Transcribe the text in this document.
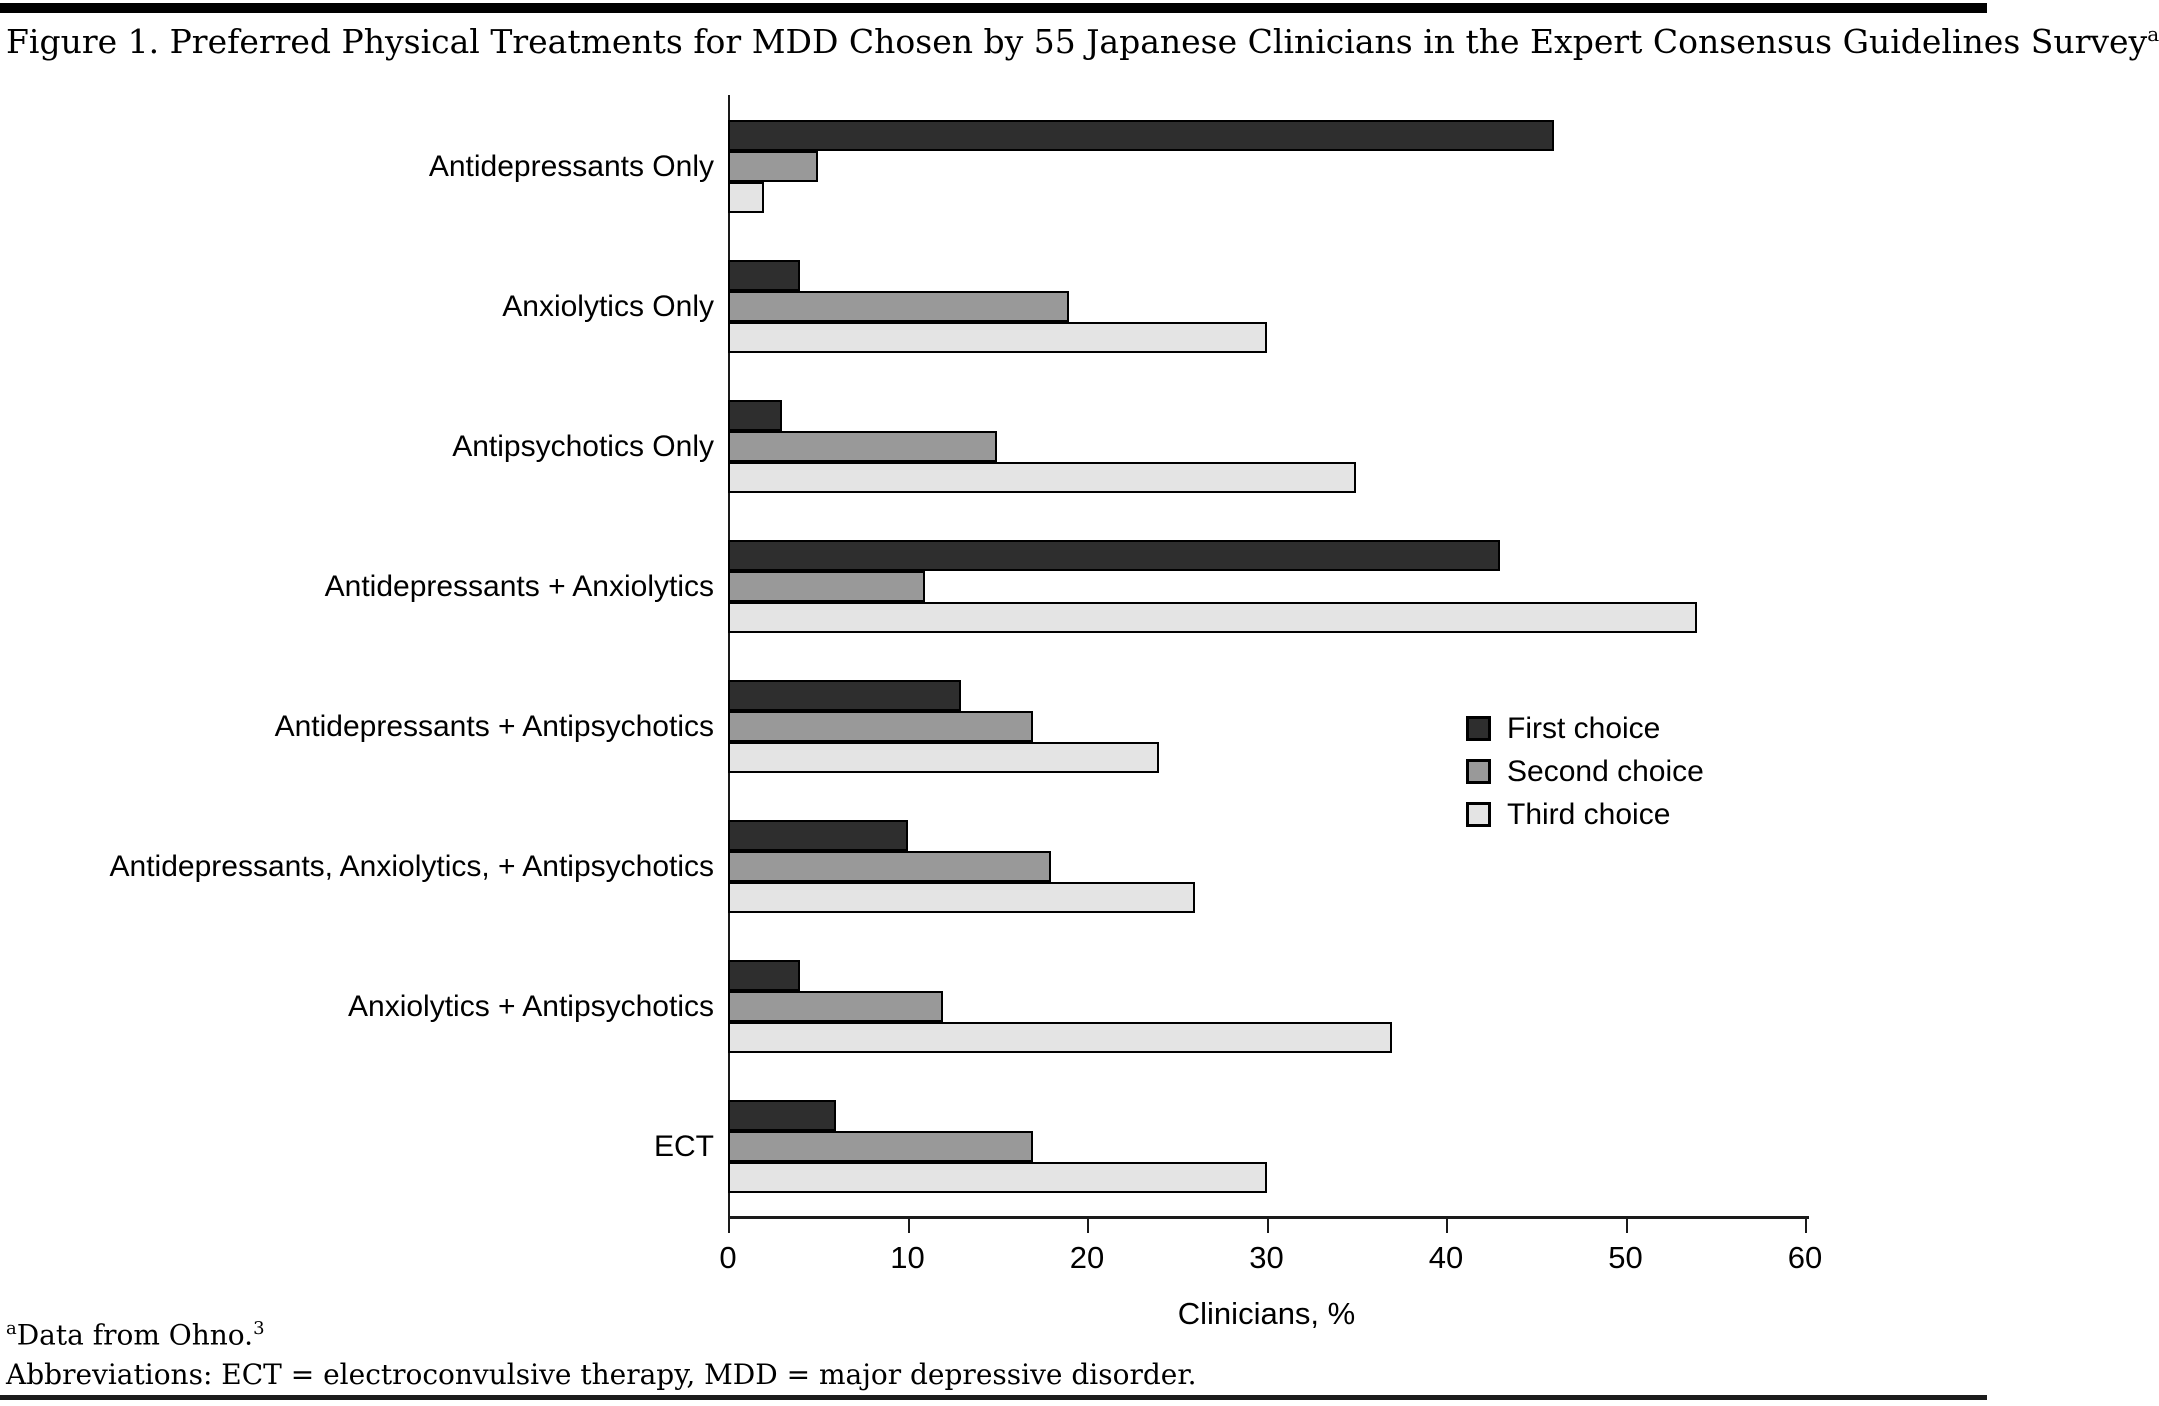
Figure 1. Preferred Physical Treatments for MDD Chosen by 55 Japanese Clinicians in the Expert Consensus Guidelines Survey$^a$
Clinicians, %
0	10	20	30	40	50	60
Antidepressants Only
Anxiolytics Only
Antipsychotics Only
Antidepressants + Anxiolytics
Antidepressants + Antipsychotics
Antidepressants, Anxiolytics, + Antipsychotics
Anxiolytics + Antipsychotics
ECT
First choice
Second choice
Third choice

$^a$Data from Ohno.$^3$

Abbreviations: ECT = electroconvulsive therapy, MDD = major depressive disorder.
